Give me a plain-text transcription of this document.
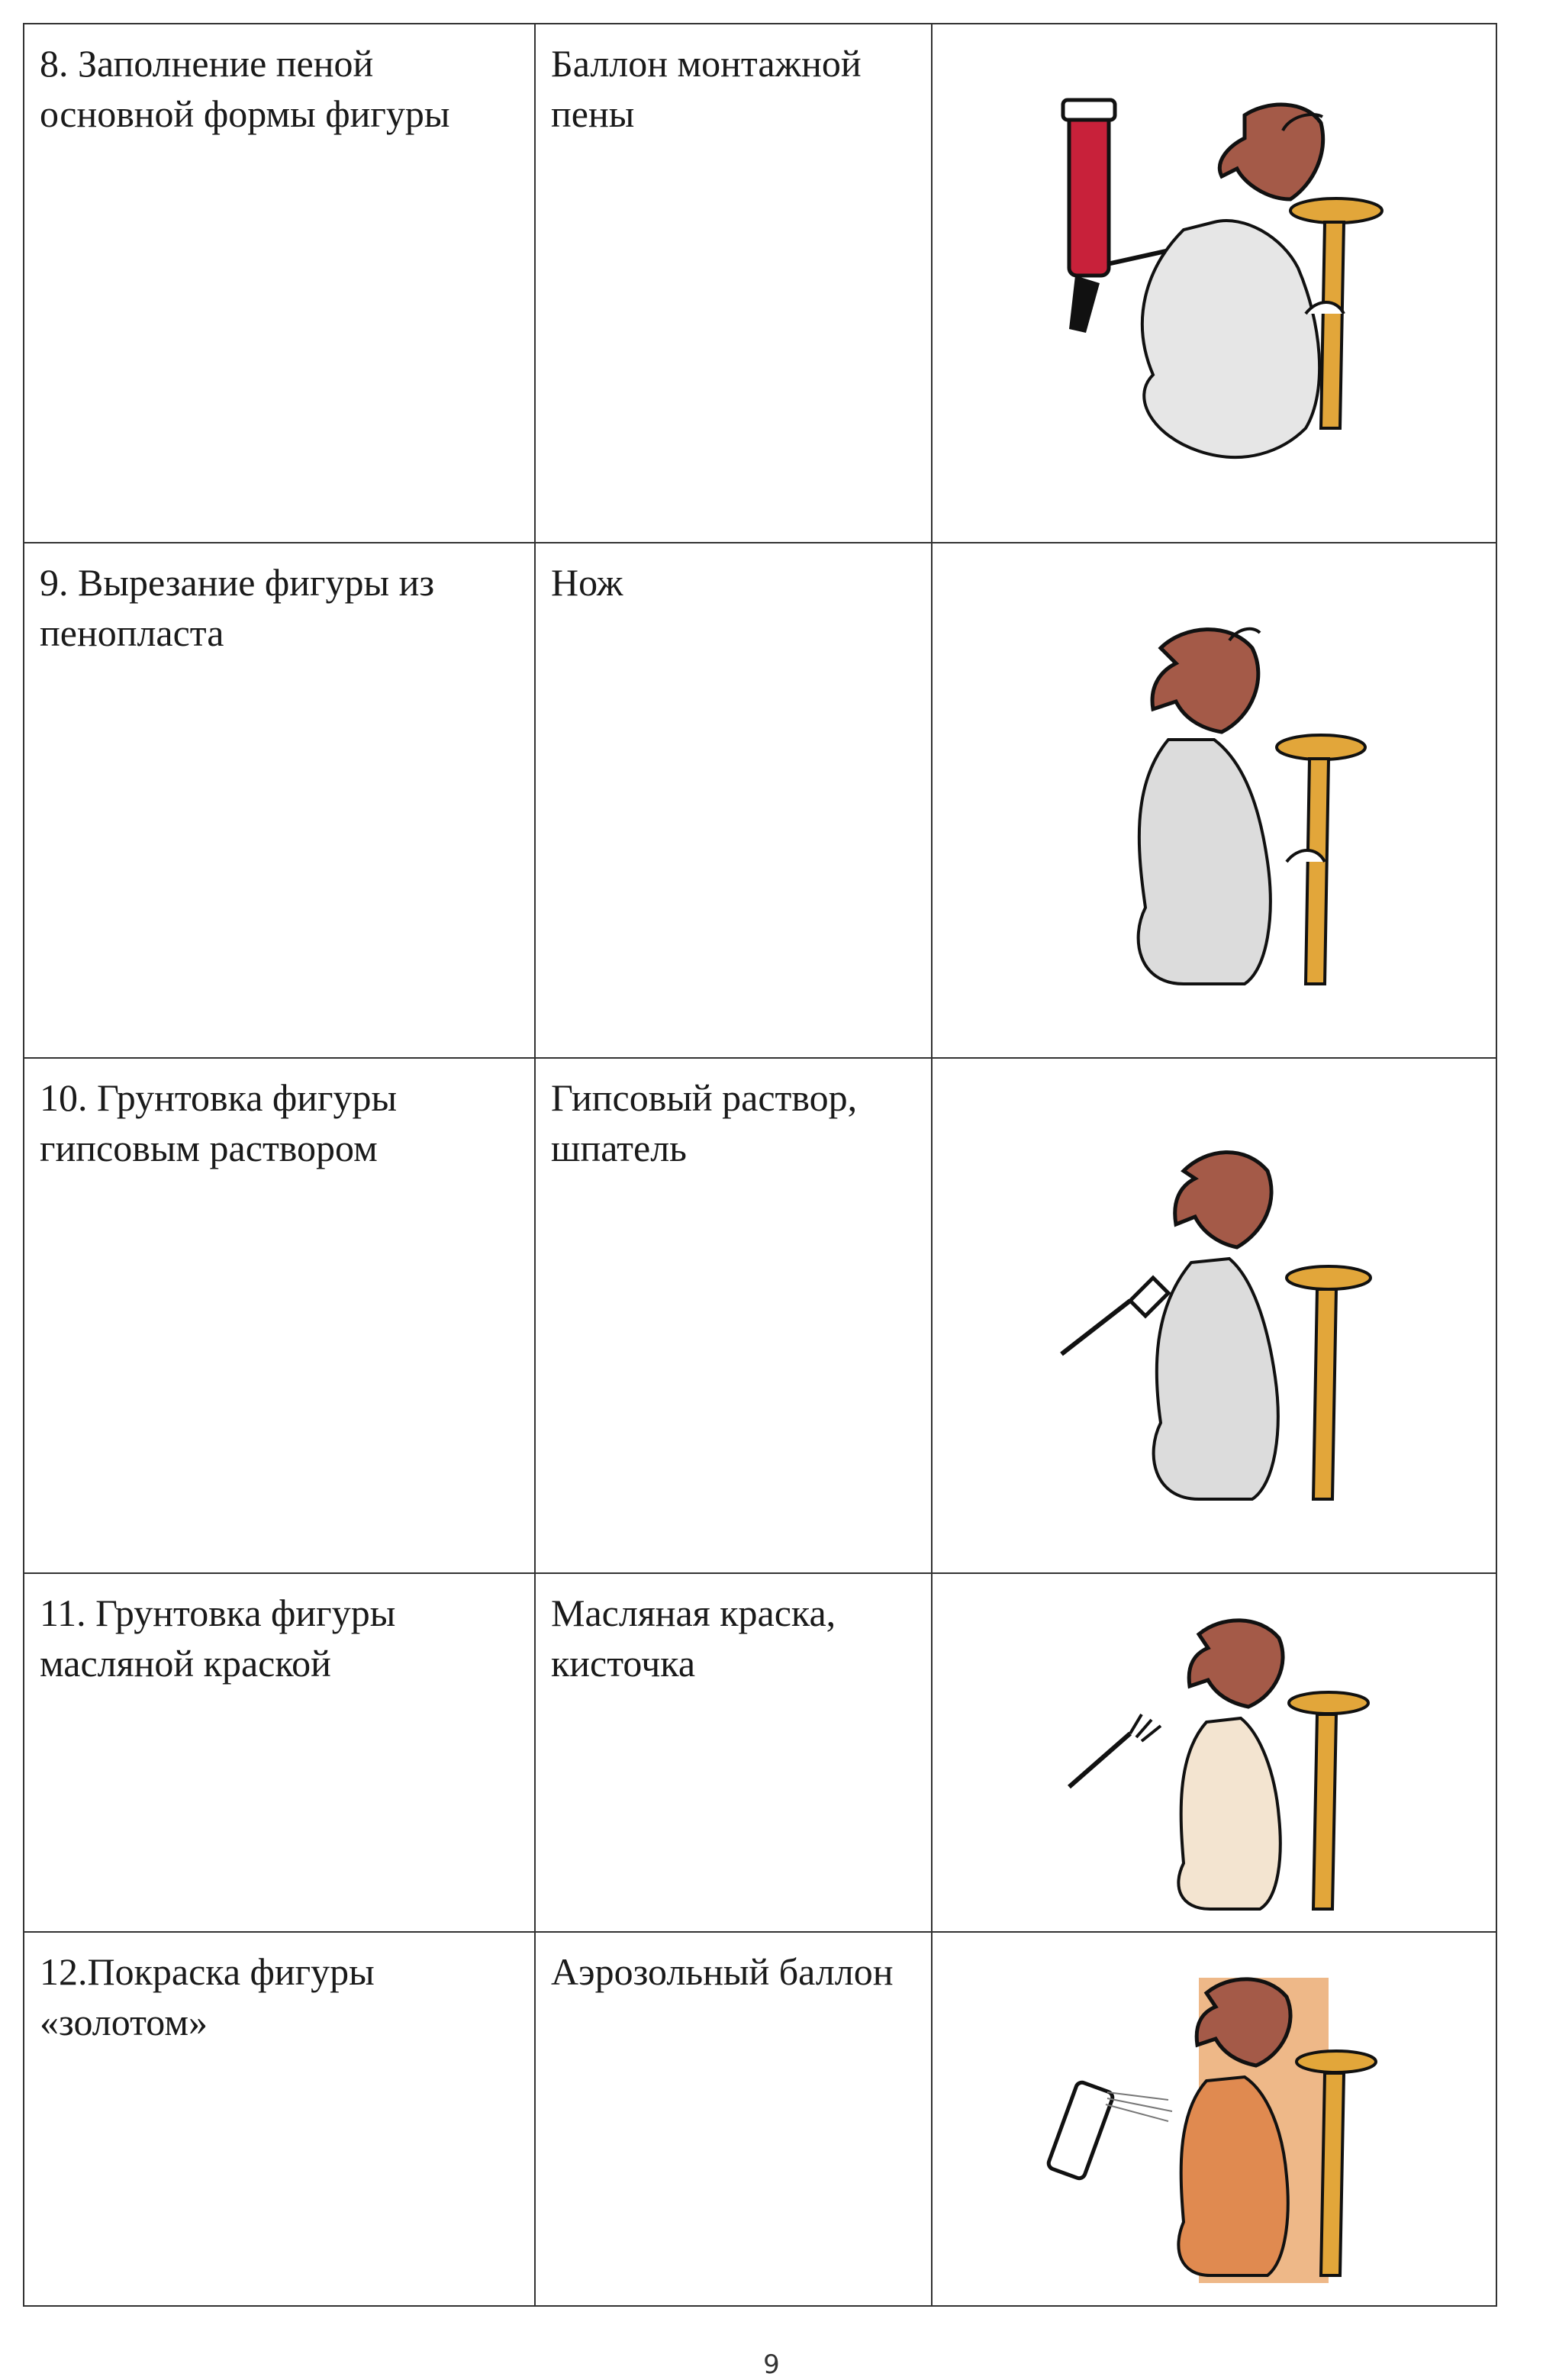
8. Заполнение пеной основной формы фигуры	Баллон монтажной пены	

9. Вырезание фигуры из пенопласта	Нож	

10. Грунтовка фигуры гипсовым раствором	Гипсовый раствор, шпатель	

11. Грунтовка фигуры масляной краской	Масляная краска, кисточка	

12.Покраска фигуры «золотом»	Аэрозольный баллон	
9
